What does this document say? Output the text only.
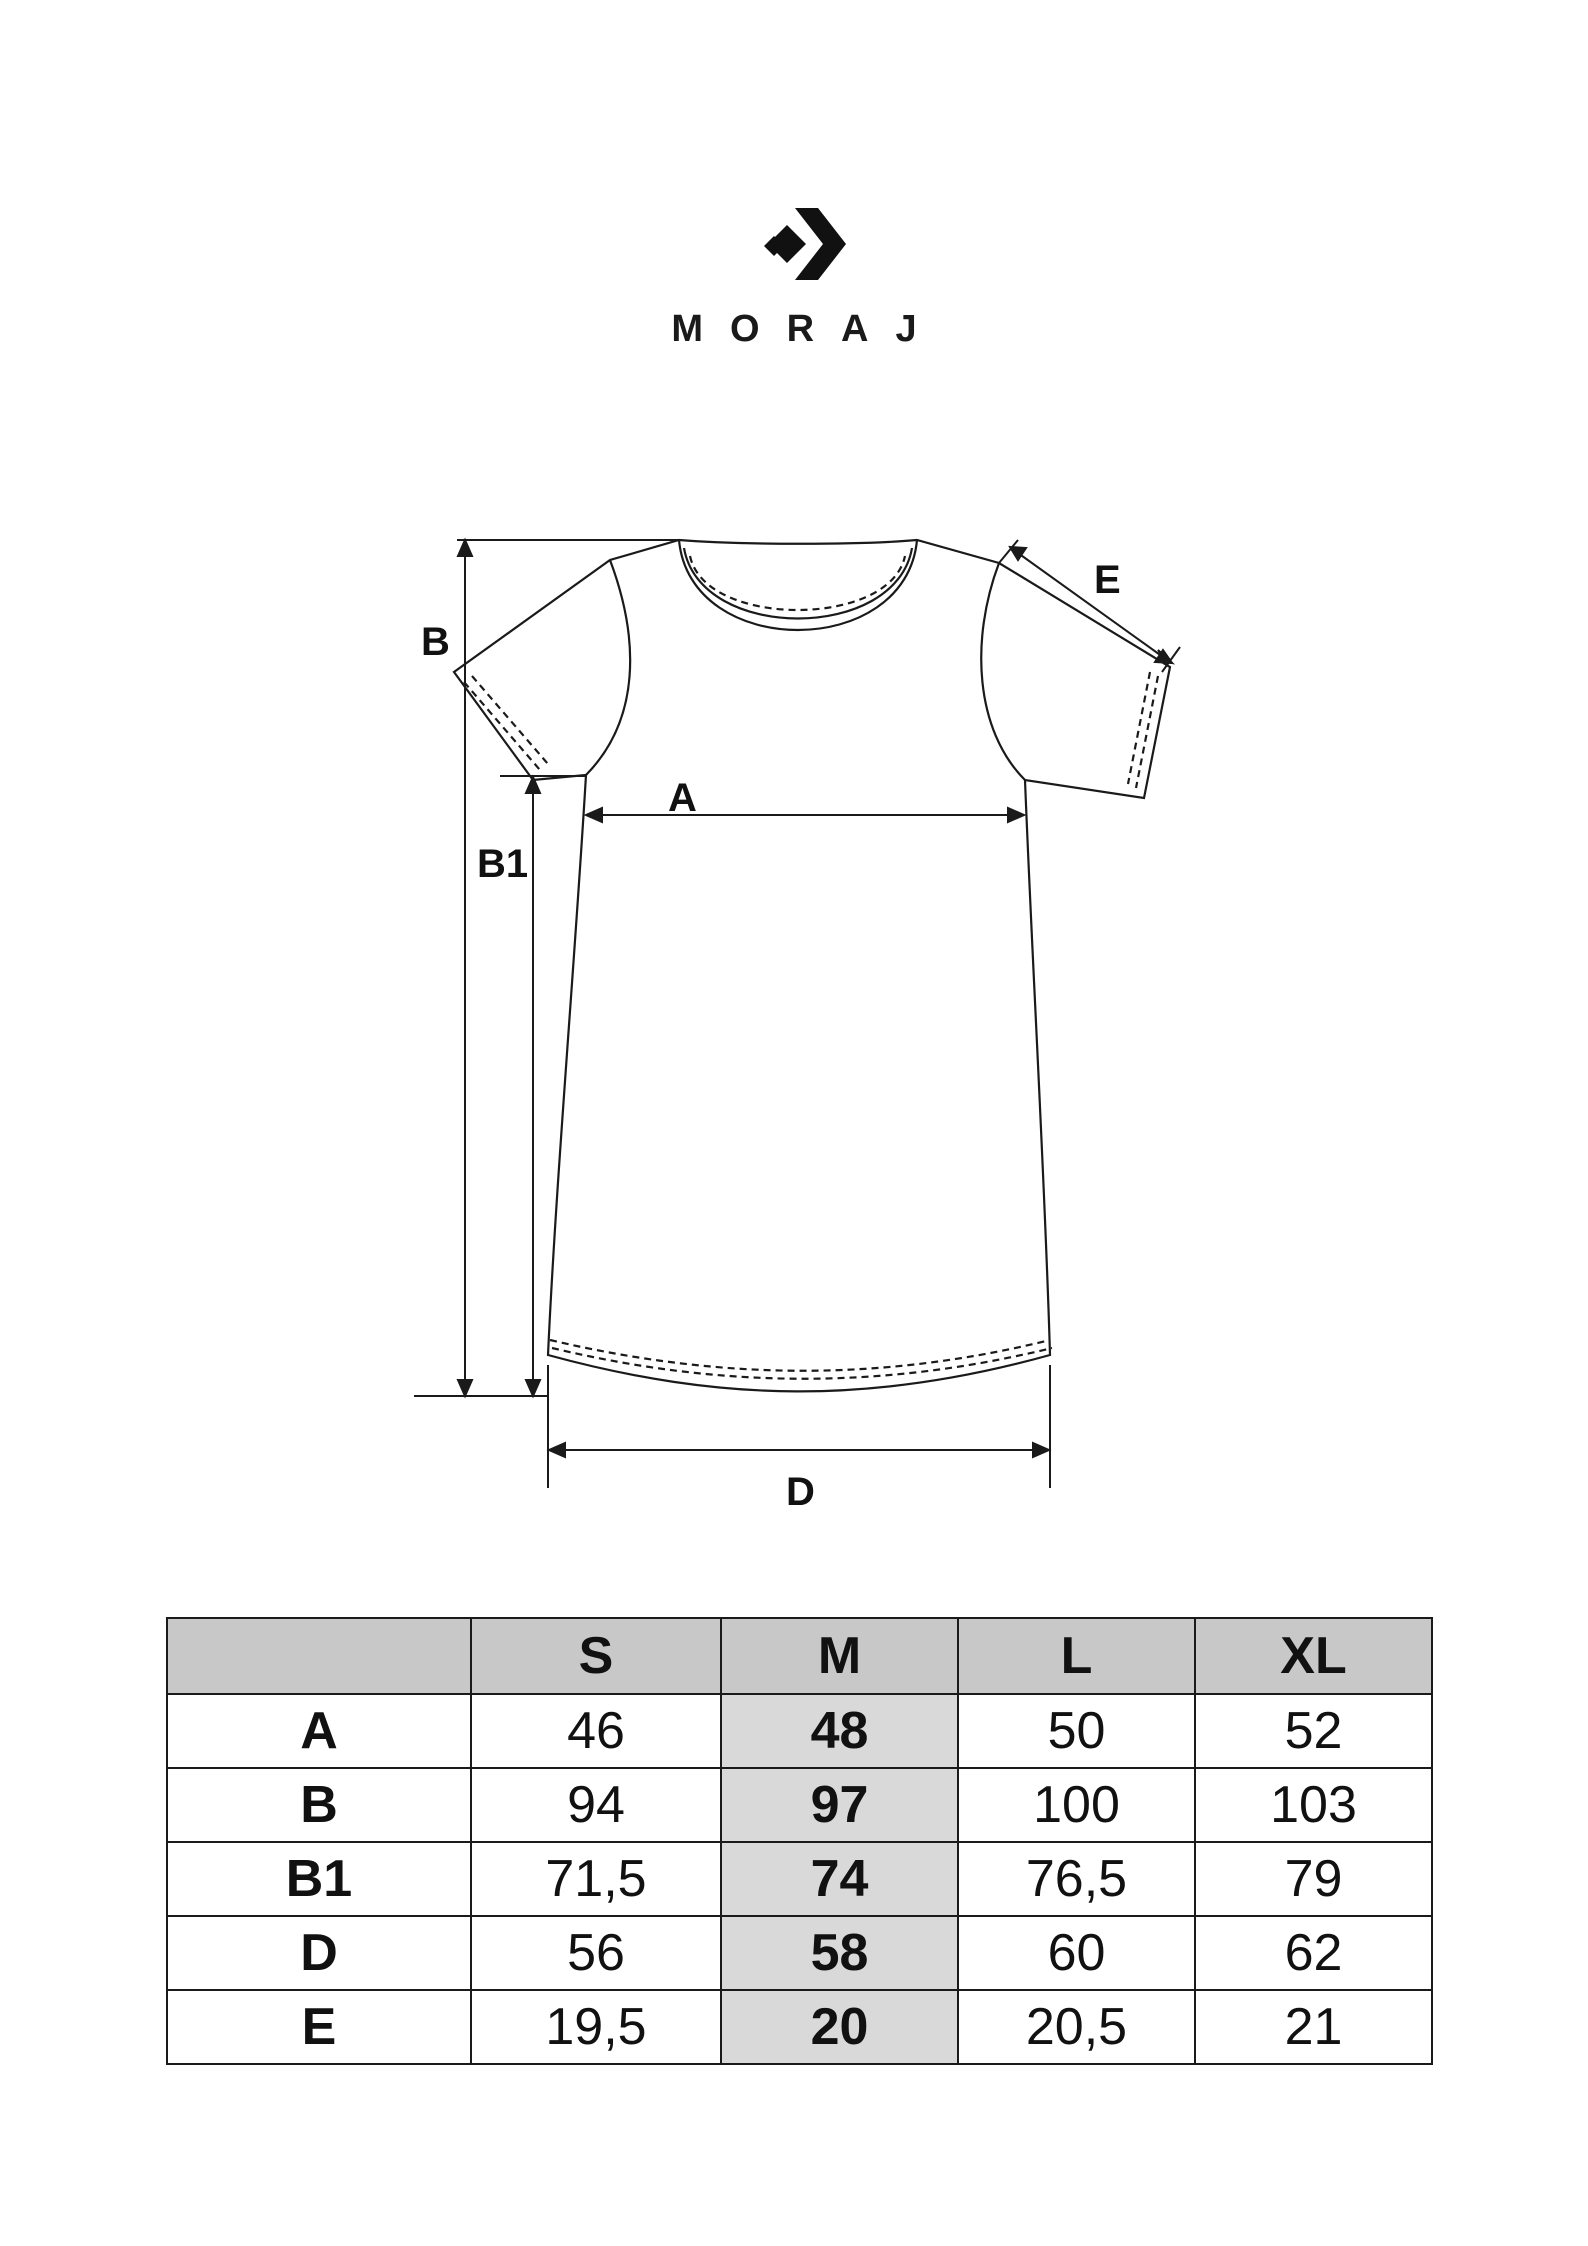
MORAJ
B
B1
A
D
E
	S	M	L	XL
A	46	48	50	52
B	94	97	100	103
B1	71,5	74	76,5	79
D	56	58	60	62
E	19,5	20	20,5	21
